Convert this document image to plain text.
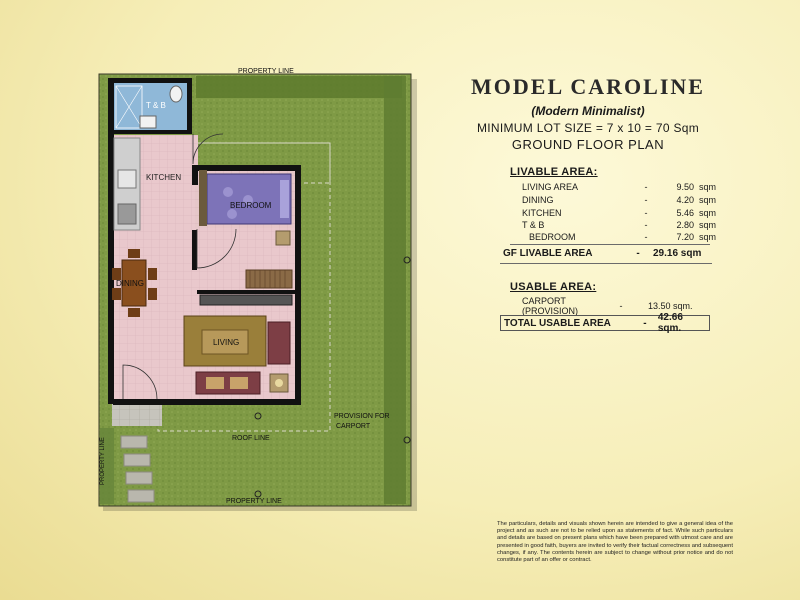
T & B
KITCHEN
BEDROOM
DINING
LIVING
PROPERTY LINE
PROPERTY LINE
PROPERTY LINE	ROOF LINE
PROVISION FOR
CARPORT
MODEL CAROLINE
(Modern Minimalist)
MINIMUM LOT SIZE = 7 x 10 = 70 Sqm
GROUND FLOOR PLAN
LIVABLE AREA:
LIVING AREA	-	9.50 sqm
DINING	-	4.20 sqm
KITCHEN	-	5.46 sqm
T & B	-	2.80 sqm
BEDROOM	-	7.20 sqm
GF LIVABLE AREA	-	29.16 sqm
USABLE AREA:
CARPORT (PROVISION)	-	13.50 sqm.
TOTAL USABLE AREA	-	42.66 sqm.
The particulars, details and visuals shown herein are intended to give a general idea of the project and as such are not to be relied upon as statements of fact. While such particulars and details are based on present plans which have been prepared with utmost care and are presented in good faith, buyers are invited to verify their factual correctness and subsequent changes, if any. The contents herein are subject to change without prior notice and do not constitute part of an offer or contract.
